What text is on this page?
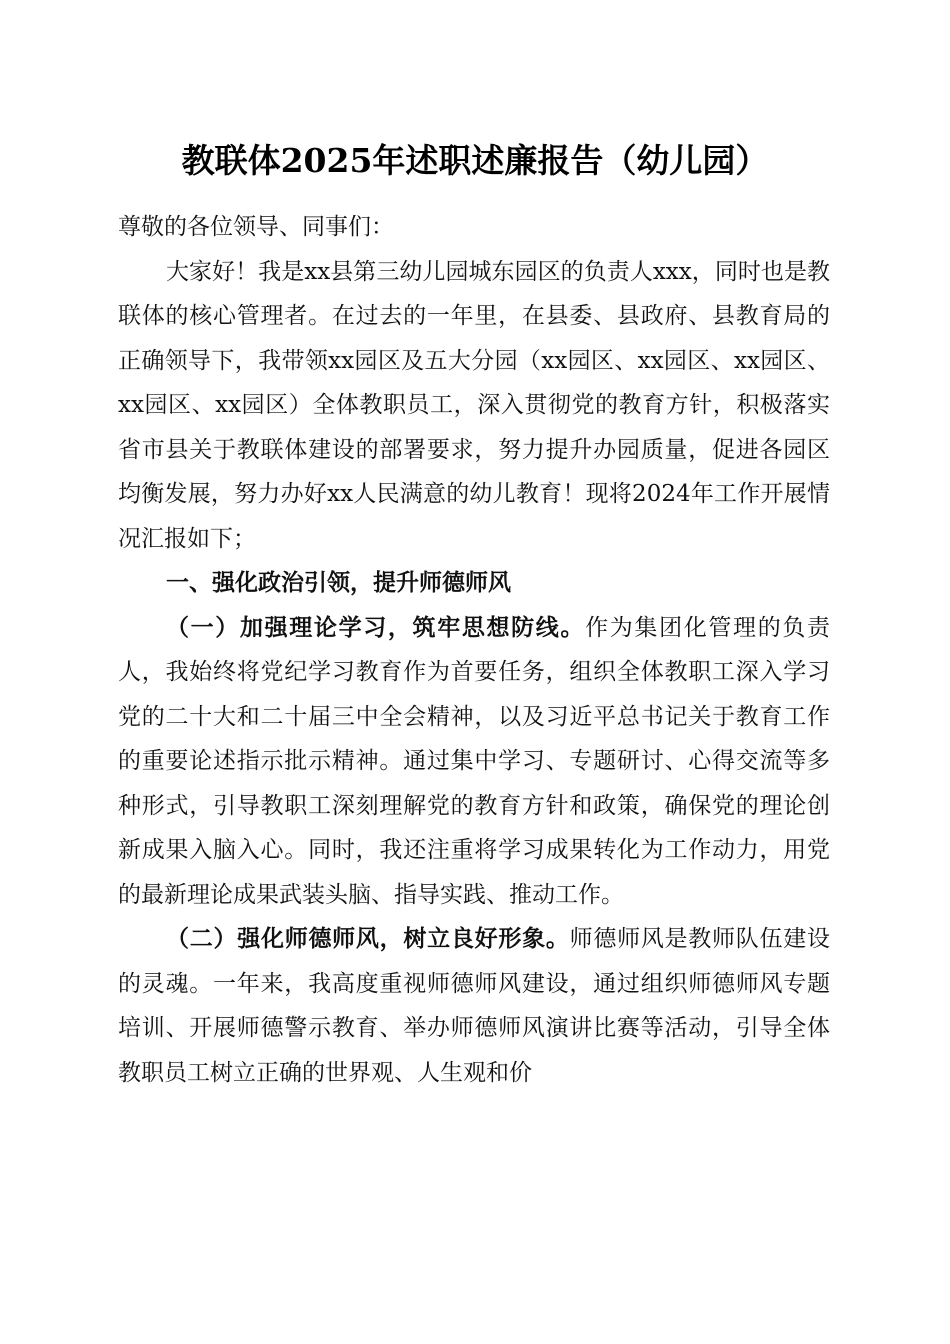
教联体2025年述职述廉报告（幼儿园）

尊敬的各位领导、同事们：

大家好！我是xx县第三幼儿园城东园区的负责人xxx，同时也是教联体的核心管理者。在过去的一年里，在县委、县政府、县教育局的正确领导下，我带领xx园区及五大分园（xx园区、xx园区、xx园区、xx园区、xx园区）全体教职员工，深入贯彻党的教育方针，积极落实省市县关于教联体建设的部署要求，努力提升办园质量，促进各园区均衡发展，努力办好xx人民满意的幼儿教育！现将2024年工作开展情况汇报如下；

一、强化政治引领，提升师德师风

（一）加强理论学习，筑牢思想防线。作为集团化管理的负责人，我始终将党纪学习教育作为首要任务，组织全体教职工深入学习党的二十大和二十届三中全会精神，以及习近平总书记关于教育工作的重要论述指示批示精神。通过集中学习、专题研讨、心得交流等多种形式，引导教职工深刻理解党的教育方针和政策，确保党的理论创新成果入脑入心。同时，我还注重将学习成果转化为工作动力，用党的最新理论成果武装头脑、指导实践、推动工作。

（二）强化师德师风，树立良好形象。师德师风是教师队伍建设的灵魂。一年来，我高度重视师德师风建设，通过组织师德师风专题培训、开展师德警示教育、举办师德师风演讲比赛等活动，引导全体教职员工树立正确的世界观、人生观和价
